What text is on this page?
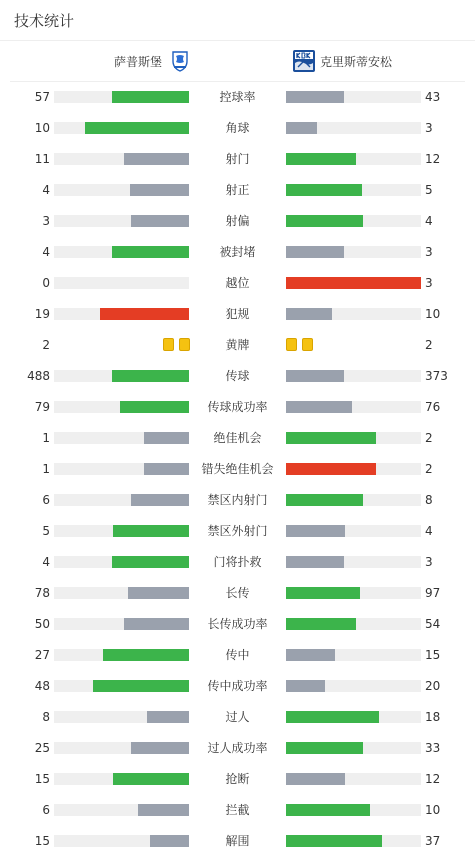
技术统计
萨普斯堡	克里斯蒂安松
57	控球率	43
10	角球	3
11	射门	12
4	射正	5
3	射偏	4
4	被封堵	3
0	越位	3
19	犯规	10
2	黄牌	2
488	传球	373
79	传球成功率	76
1	绝佳机会	2
1	错失绝佳机会	2
6	禁区内射门	8
5	禁区外射门	4
4	门将扑救	3
78	长传	97
50	长传成功率	54
27	传中	15
48	传中成功率	20
8	过人	18
25	过人成功率	33
15	抢断	12
6	拦截	10
15	解围	37
